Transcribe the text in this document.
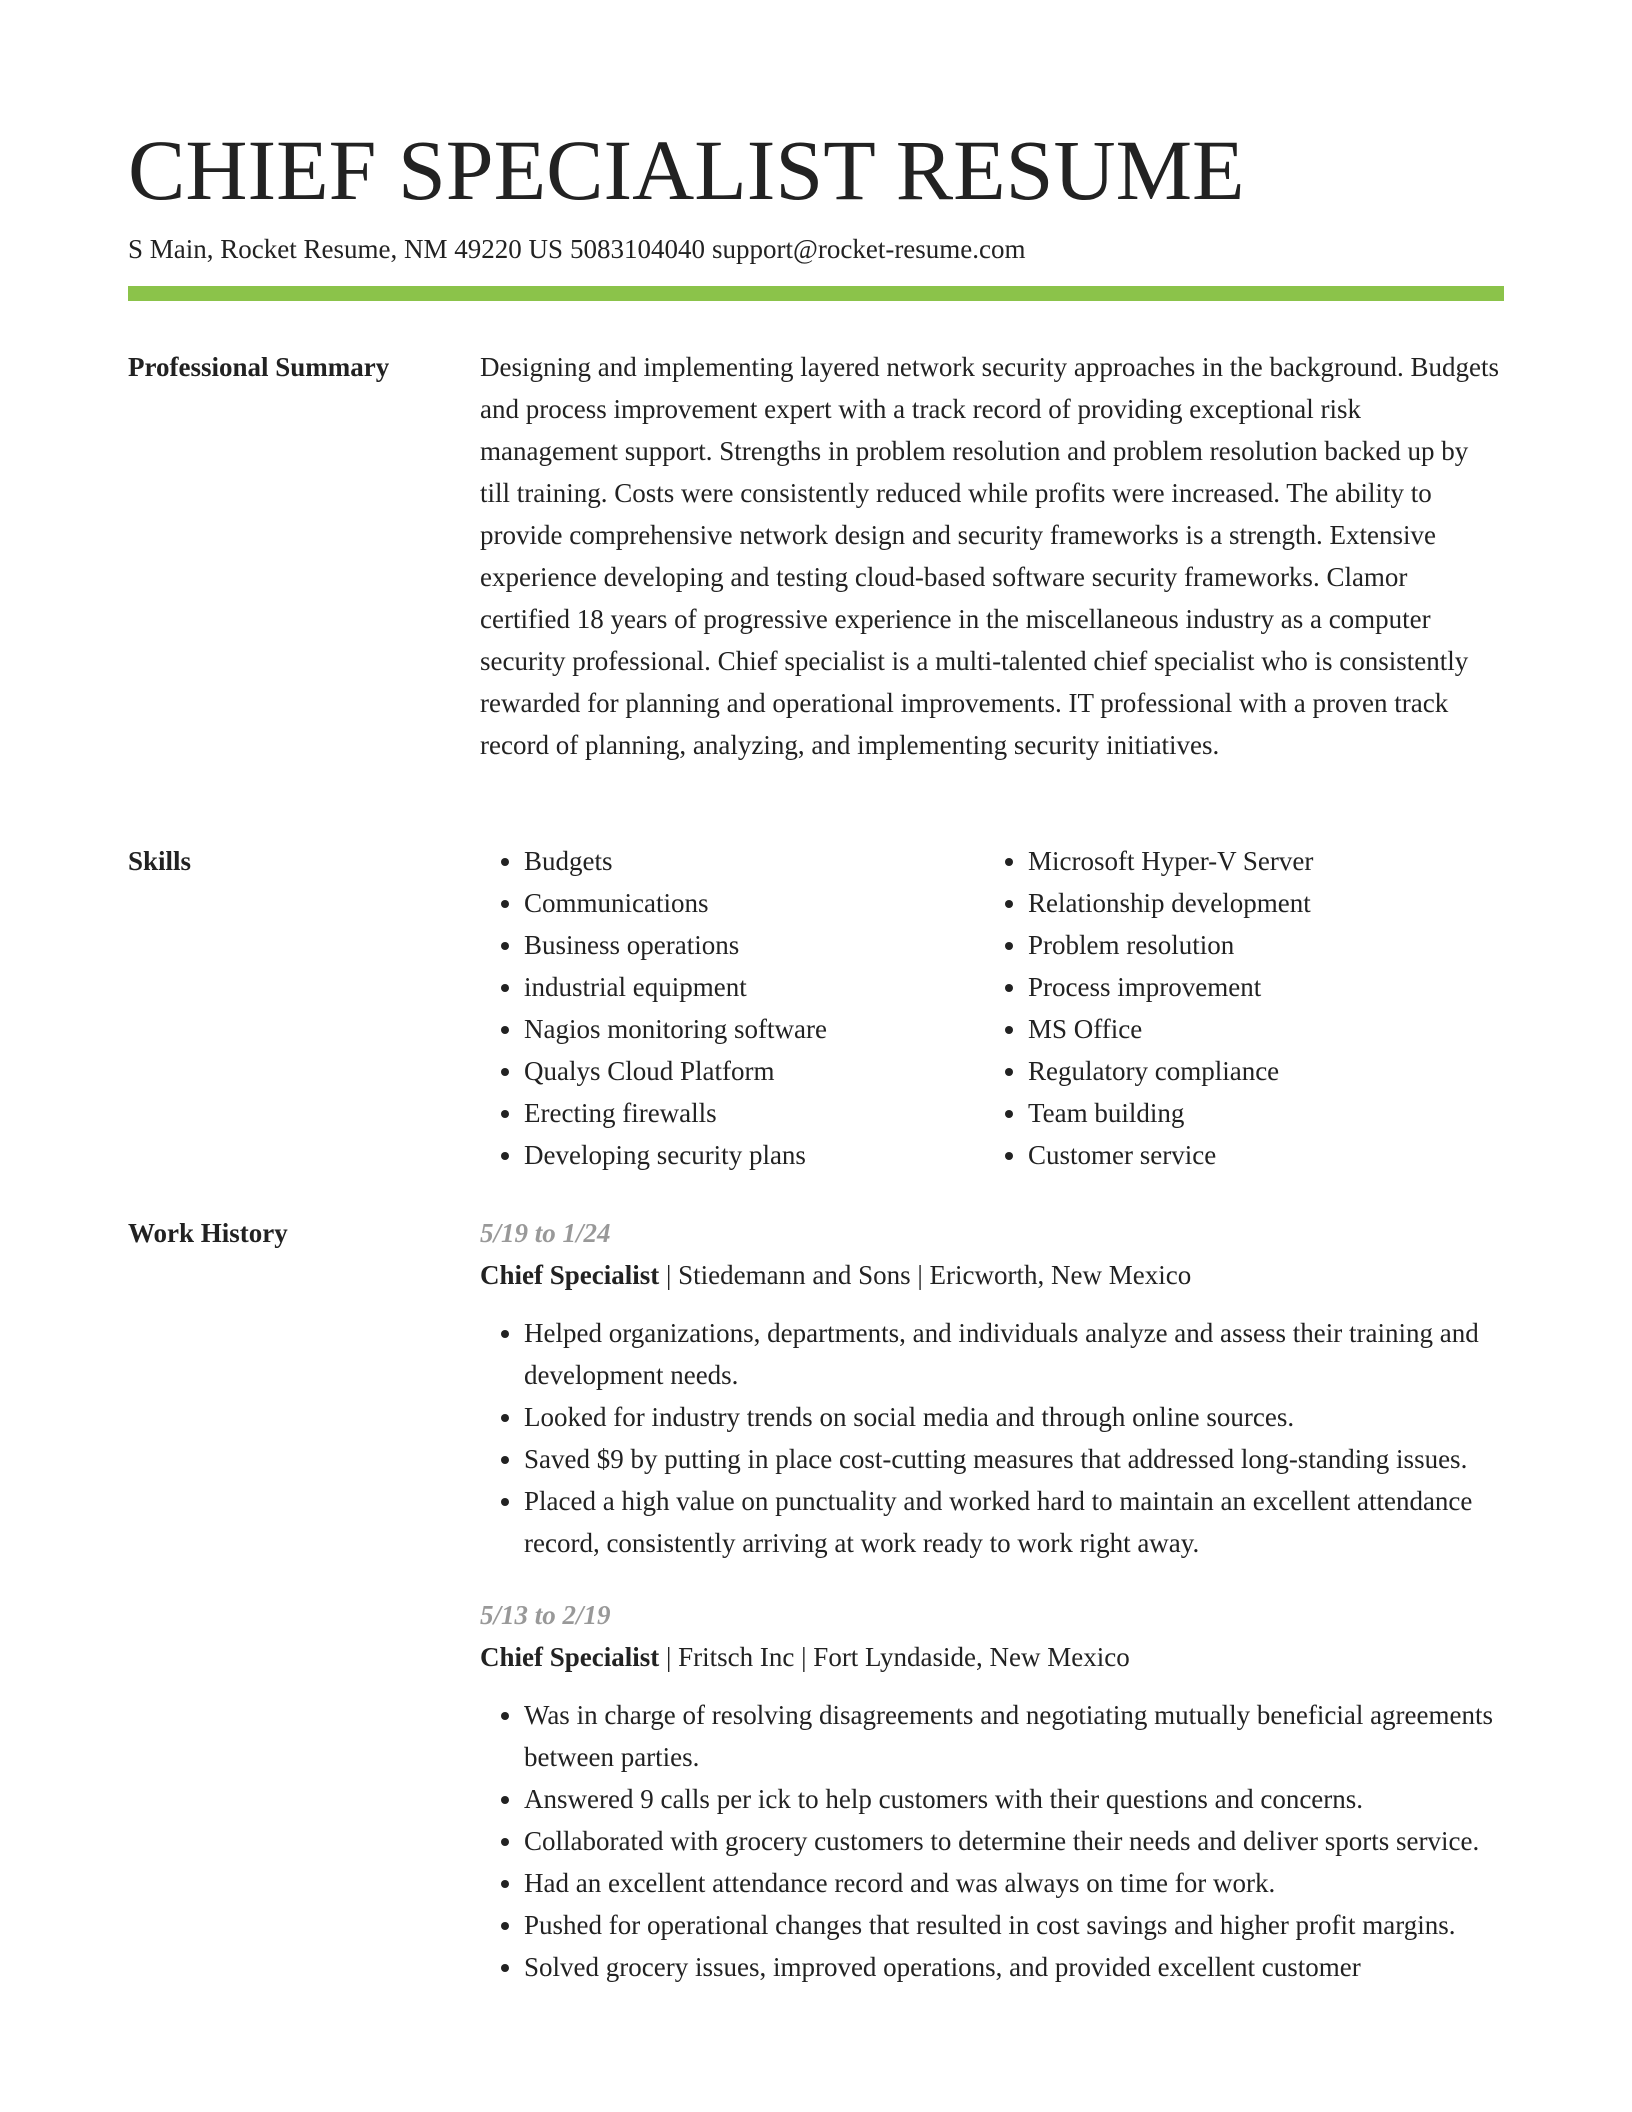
CHIEF SPECIALIST RESUME
S Main, Rocket Resume, NM 49220 US 5083104040 support@rocket-resume.com
Professional Summary	Designing and implementing layered network security approaches in the background. Budgets and process improvement expert with a track record of providing exceptional risk management support. Strengths in problem resolution and problem resolution backed up by till training. Costs were consistently reduced while profits were increased. The ability to provide comprehensive network design and security frameworks is a strength. Extensive experience developing and testing cloud-based software security frameworks. Clamor certified 18 years of progressive experience in the miscellaneous industry as a computer security professional. Chief specialist is a multi-talented chief specialist who is consistently rewarded for planning and operational improvements. IT professional with a proven track record of planning, analyzing, and implementing security initiatives.

Skills
•	Budgets
• Communications
• Business operations
• industrial equipment
• Nagios monitoring software
• Qualys Cloud Platform
• Erecting firewalls
• Developing security plans
• Microsoft Hyper-V Server
• Relationship development
• Problem resolution
• Process improvement
• MS Office
• Regulatory compliance
• Team building
• Customer service
Work History	5/19 to 1/24
Chief Specialist | Stiedemann and Sons | Ericworth, New Mexico
• Helped organizations, departments, and individuals analyze and assess their training and development needs.
• Looked for industry trends on social media and through online sources.
• Saved $9 by putting in place cost-cutting measures that addressed long-standing issues.
• Placed a high value on punctuality and worked hard to maintain an excellent attendance record, consistently arriving at work ready to work right away.
5/13 to 2/19
Chief Specialist | Fritsch Inc | Fort Lyndaside, New Mexico
• Was in charge of resolving disagreements and negotiating mutually beneficial agreements between parties.
• Answered 9 calls per ick to help customers with their questions and concerns.
• Collaborated with grocery customers to determine their needs and deliver sports service.
• Had an excellent attendance record and was always on time for work.
• Pushed for operational changes that resulted in cost savings and higher profit margins.
• Solved grocery issues, improved operations, and provided excellent customer
